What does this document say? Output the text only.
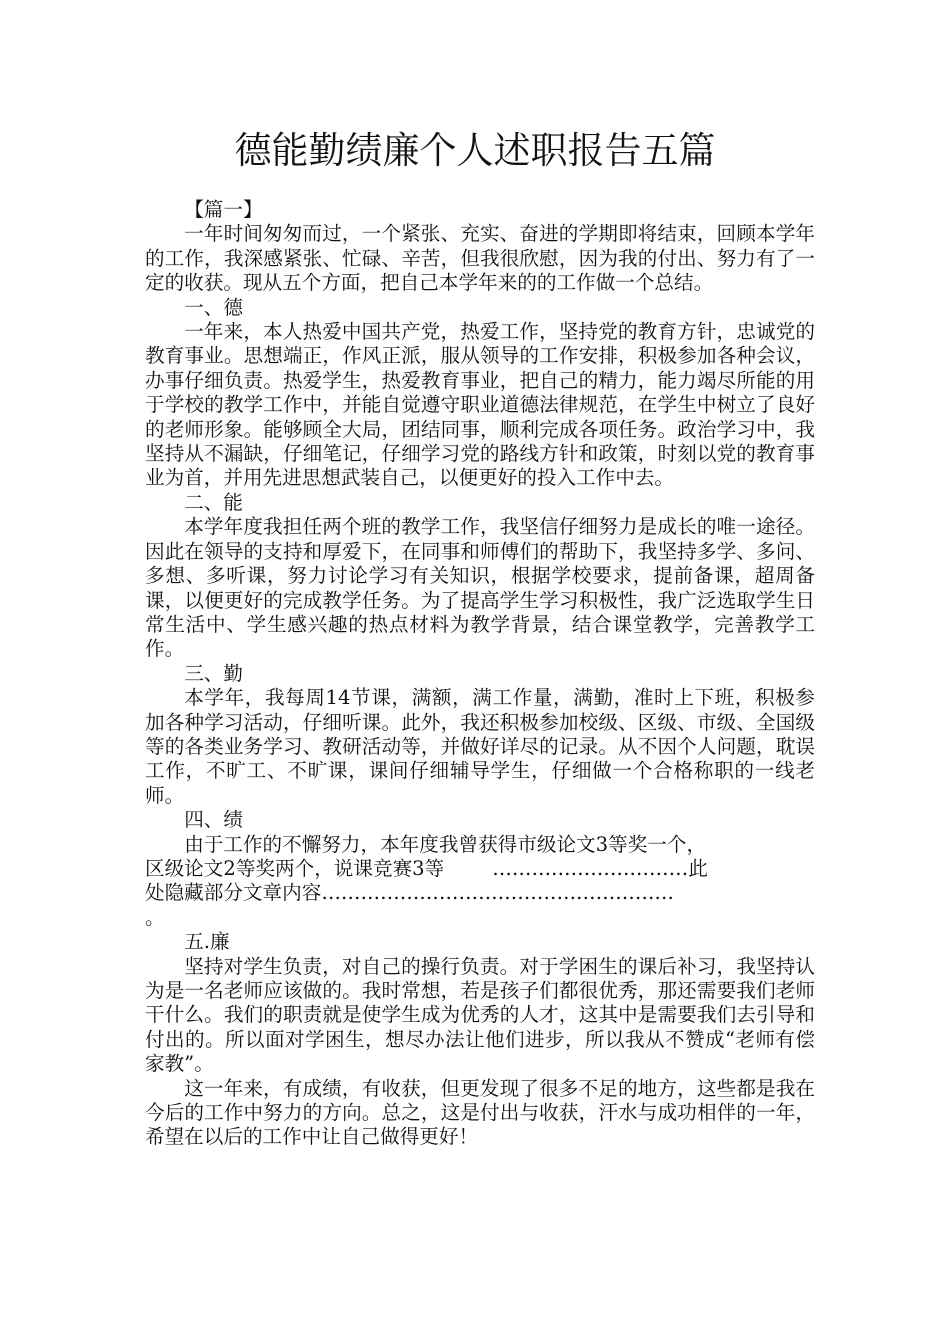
德能勤绩廉个人述职报告五篇

【篇一】

一年时间匆匆而过，一个紧张、充实、奋进的学期即将结束，回顾本学年的工作，我深感紧张、忙碌、辛苦，但我很欣慰，因为我的付出、努力有了一定的收获。现从五个方面，把自己本学年来的的工作做一个总结。

一、德

一年来，本人热爱中国共产党，热爱工作，坚持党的教育方针，忠诚党的教育事业。思想端正，作风正派，服从领导的工作安排，积极参加各种会议，办事仔细负责。热爱学生，热爱教育事业，把自己的精力，能力竭尽所能的用于学校的教学工作中，并能自觉遵守职业道德法律规范，在学生中树立了良好的老师形象。能够顾全大局，团结同事，顺利完成各项任务。政治学习中，我坚持从不漏缺，仔细笔记，仔细学习党的路线方针和政策，时刻以党的教育事业为首，并用先进思想武装自己，以便更好的投入工作中去。

二、能

本学年度我担任两个班的教学工作，我坚信仔细努力是成长的唯一途径。因此在领导的支持和厚爱下，在同事和师傅们的帮助下，我坚持多学、多问、多想、多听课，努力讨论学习有关知识，根据学校要求，提前备课，超周备课，以便更好的完成教学任务。为了提高学生学习积极性，我广泛选取学生日常生活中、学生感兴趣的热点材料为教学背景，结合课堂教学，完善教学工作。

三、勤

本学年，我每周14节课，满额，满工作量，满勤，准时上下班，积极参加各种学习活动，仔细听课。此外，我还积极参加校级、区级、市级、全国级等的各类业务学习、教研活动等，并做好详尽的记录。从不因个人问题，耽误工作，不旷工、不旷课，课间仔细辅导学生，仔细做一个合格称职的一线老师。

四、绩

由于工作的不懈努力，本年度我曾获得市级论文3等奖一个，

区级论文2等奖两个，说课竞赛3等 …………………………此

处隐藏部分文章内容………………………………………………

。

五.廉

坚持对学生负责，对自己的操行负责。对于学困生的课后补习，我坚持认为是一名老师应该做的。我时常想，若是孩子们都很优秀，那还需要我们老师干什么。我们的职责就是使学生成为优秀的人才，这其中是需要我们去引导和付出的。所以面对学困生，想尽办法让他们进步，所以我从不赞成“老师有偿家教”。

这一年来，有成绩，有收获，但更发现了很多不足的地方，这些都是我在今后的工作中努力的方向。总之，这是付出与收获，汗水与成功相伴的一年，希望在以后的工作中让自己做得更好！
